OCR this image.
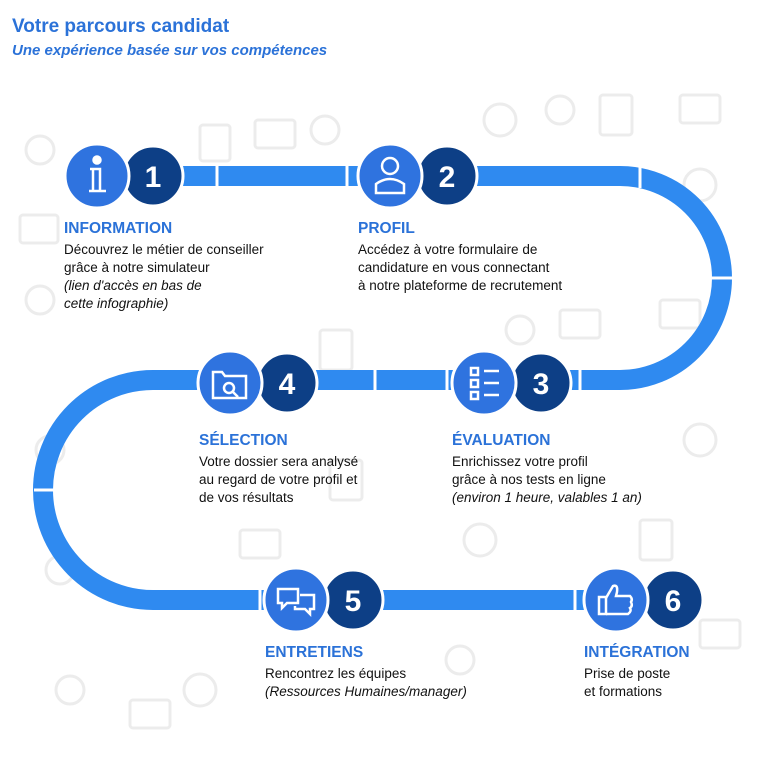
Votre parcours candidat
Une expérience basée sur vos compétences
1	2
3
4
5	6
INFORMATION
Découvrez le métier de conseiller
grâce à notre simulateur
(lien d'accès en bas de
cette infographie)
PROFIL
Accédez à votre formulaire de
candidature en vous connectant
à notre plateforme de recrutement
ÉVALUATION
Enrichissez votre profil
grâce à nos tests en ligne
(environ 1 heure, valables 1 an)
SÉLECTION
Votre dossier sera analysé
au regard de votre profil et
de vos résultats
ENTRETIENS
Rencontrez les équipes
(Ressources Humaines/manager)
INTÉGRATION
Prise de poste
et formations
